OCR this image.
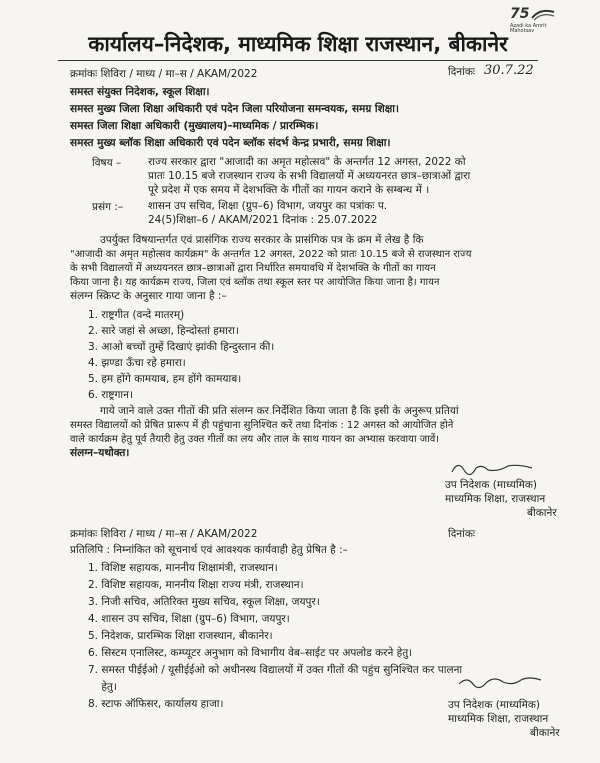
75
Azadi ka Amrit Mahotsav
कार्यालय–निदेशक, माध्यमिक शिक्षा राजस्थान, बीकानेर
क्रमांकः शिविरा / माध्य / मा–स / AKAM/2022	दिनांकः 30.7.22
समस्त संयुक्त निदेशक, स्कूल शिक्षा।
समस्त मुख्य जिला शिक्षा अधिकारी एवं पदेन जिला परियोजना समन्वयक, समग्र शिक्षा।
समस्त जिला शिक्षा अधिकारी (मुख्यालय)–माध्यमिक / प्रारम्भिक।
समस्त मुख्य ब्लॉक शिक्षा अधिकारी एवं पदेन ब्लॉक संदर्भ केन्द्र प्रभारी, समग्र शिक्षा।
विषय –	राज्य सरकार द्वारा "आजादी का अमृत महोत्सव" के अन्तर्गत 12 अगस्त, 2022 को
प्रातः 10.15 बजे राजस्थान राज्य के सभी विद्यालयों में अध्ययनरत छात्र–छात्राओं द्वारा
पूरे प्रदेश में एक समय में देशभक्ति के गीतों का गायन कराने के सम्बन्ध में ।
प्रसंग :– शासन उप सचिव, शिक्षा (ग्रुप–6) विभाग, जयपुर का पत्रांकः प.
24(5)शिक्षा–6 / AKAM/2021 दिनांक : 25.07.2022
उपर्युक्त विषयान्तर्गत एवं प्रासंगिक राज्य सरकार के प्रासंगिक पत्र के क्रम में लेख है कि
"आजादी का अमृत महोत्सव कार्यक्रम" के अन्तर्गत 12 अगस्त, 2022 को प्रातः 10.15 बजे से राजस्थान राज्य
के सभी विद्यालयों में अध्ययनरत छात्र–छात्राओं द्वारा निर्धारित समयावधि में देशभक्ति के गीतों का गायन
किया जाना है। यह कार्यक्रम राज्य, जिला एवं ब्लॉक तथा स्कूल स्तर पर आयोजित किया जाना है। गायन
संलग्न स्क्रिप्ट के अनुसार गाया जाना है :–
1. राष्ट्रगीत (वन्दे मातरम्)
2. सारे जहां से अच्छा, हिन्दोस्तां हमारा।
3. आओ बच्चों तुम्हें दिखाएं झांकी हिन्दुस्तान की।
4. झण्डा ऊँचा रहे हमारा।
5. हम होंगे कामयाब, हम होंगे कामयाब।
6. राष्ट्रगान।
गाये जाने वाले उक्त गीतों की प्रति संलग्न कर निर्देशित किया जाता है कि इसी के अनुरूप प्रतियां
समस्त विद्यालयों को प्रेषित प्रारूप में ही पहुंचाना सुनिश्चित करें तथा दिनांक : 12 अगस्त को आयोजित होने
वाले कार्यक्रम हेतु पूर्व तैयारी हेतु उक्त गीतों का लय और ताल के साथ गायन का अभ्यास करवाया जावें।
संलग्न–यथोक्त।
उप निदेशक (माध्यमिक)
माध्यमिक शिक्षा, राजस्थान
बीकानेर
क्रमांकः शिविरा / माध्य / मा–स / AKAM/2022	दिनांकः
प्रतिलिपि : निम्नांकित को सूचनार्थ एवं आवश्यक कार्यवाही हेतु प्रेषित है :–
1. विशिष्ट सहायक, माननीय शिक्षामंत्री, राजस्थान।
2. विशिष्ट सहायक, माननीय शिक्षा राज्य मंत्री, राजस्थान।
3. निजी सचिव, अतिरिक्त मुख्य सचिव, स्कूल शिक्षा, जयपुर।
4. शासन उप सचिव, शिक्षा (ग्रुप–6) विभाग, जयपुर।
5. निदेशक, प्रारम्भिक शिक्षा राजस्थान, बीकानेर।
6. सिस्टम एनालिस्ट, कम्प्यूटर अनुभाग को विभागीय वेब–साईट पर अपलोड करने हेतु।
7. समस्त पीईईओ / यूसीईईओ को अधीनस्थ विद्यालयों में उक्त गीतों की पहुंच सुनिश्चित कर पालना
हेतु।
8. स्टाफ ऑफिसर, कार्यालय हाजा।	उप निदेशक (माध्यमिक)
माध्यमिक शिक्षा, राजस्थान
बीकानेर
